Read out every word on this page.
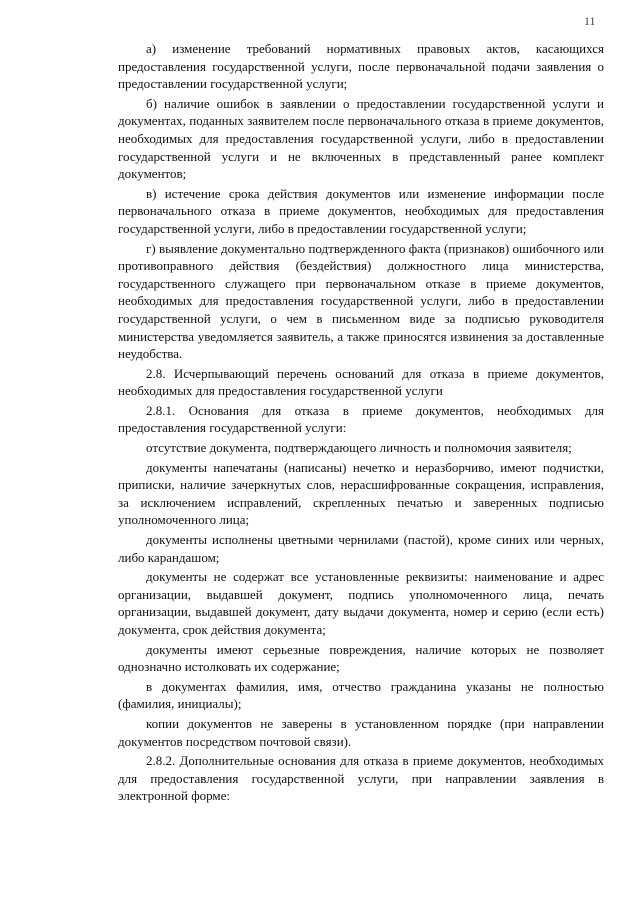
11

а) изменение требований нормативных правовых актов, касающихся предоставления государственной услуги, после первоначальной подачи заявления о предоставлении государственной услуги;

б) наличие ошибок в заявлении о предоставлении государственной услуги и документах, поданных заявителем после первоначального отказа в приеме документов, необходимых для предоставления государственной услуги, либо в предоставлении государственной услуги и не включенных в представленный ранее комплект документов;

в) истечение срока действия документов или изменение информации после первоначального отказа в приеме документов, необходимых для предоставления государственной услуги, либо в предоставлении государственной услуги;

г) выявление документально подтвержденного факта (признаков) ошибочного или противоправного действия (бездействия) должностного лица министерства, государственного служащего при первоначальном отказе в приеме документов, необходимых для предоставления государственной услуги, либо в предоставлении государственной услуги, о чем в письменном виде за подписью руководителя министерства уведомляется заявитель, а также приносятся извинения за доставленные неудобства.

2.8. Исчерпывающий перечень оснований для отказа в приеме документов, необходимых для предоставления государственной услуги

2.8.1. Основания для отказа в приеме документов, необходимых для предоставления государственной услуги:

отсутствие документа, подтверждающего личность и полномочия заявителя;

документы напечатаны (написаны) нечетко и неразборчиво, имеют подчистки, приписки, наличие зачеркнутых слов, нерасшифрованные сокращения, исправления, за исключением исправлений, скрепленных печатью и заверенных подписью уполномоченного лица;

документы исполнены цветными чернилами (пастой), кроме синих или черных, либо карандашом;

документы не содержат все установленные реквизиты: наименование и адрес организации, выдавшей документ, подпись уполномоченного лица, печать организации, выдавшей документ, дату выдачи документа, номер и серию (если есть) документа, срок действия документа;

документы имеют серьезные повреждения, наличие которых не позволяет однозначно истолковать их содержание;

в документах фамилия, имя, отчество гражданина указаны не полностью (фамилия, инициалы);

копии документов не заверены в установленном порядке (при направлении документов посредством почтовой связи).

2.8.2. Дополнительные основания для отказа в приеме документов, необходимых для предоставления государственной услуги, при направлении заявления в электронной форме:
